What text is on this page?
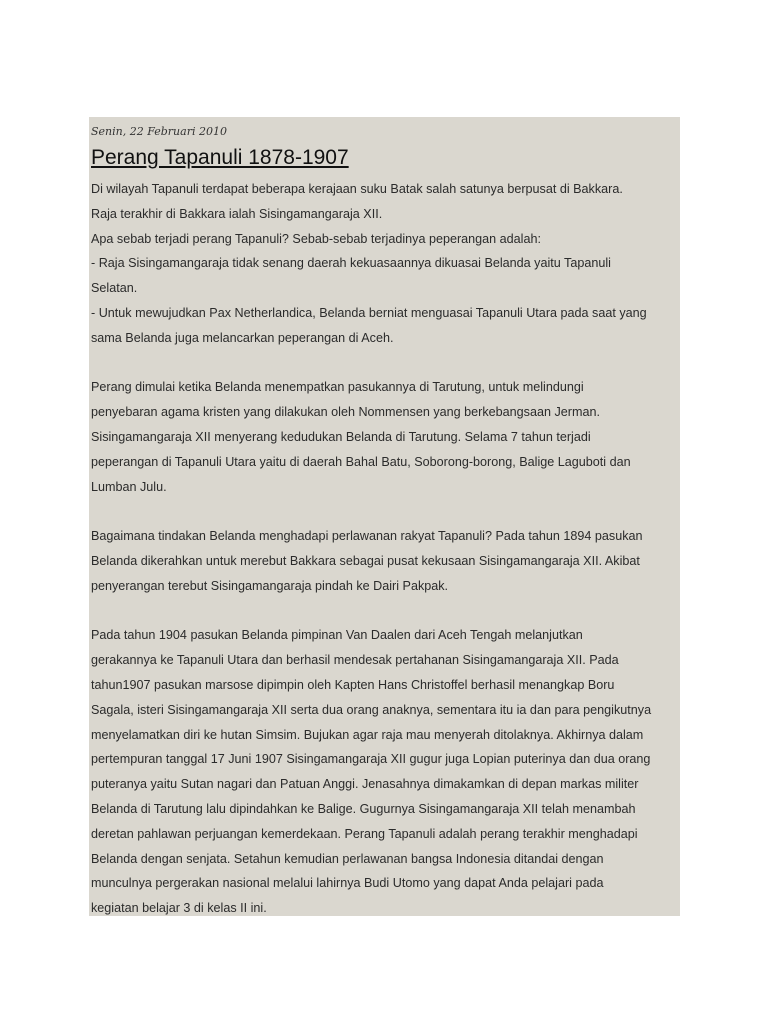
Senin, 22 Februari 2010
Perang Tapanuli 1878-1907
Di wilayah Tapanuli terdapat beberapa kerajaan suku Batak salah satunya berpusat di Bakkara.
Raja terakhir di Bakkara ialah Sisingamangaraja XII.
Apa sebab terjadi perang Tapanuli? Sebab-sebab terjadinya peperangan adalah:
- Raja Sisingamangaraja tidak senang daerah kekuasaannya dikuasai Belanda yaitu Tapanuli
Selatan.
- Untuk mewujudkan Pax Netherlandica, Belanda berniat menguasai Tapanuli Utara pada saat yang
sama Belanda juga melancarkan peperangan di Aceh.
Perang dimulai ketika Belanda menempatkan pasukannya di Tarutung, untuk melindungi
penyebaran agama kristen yang dilakukan oleh Nommensen yang berkebangsaan Jerman.
Sisingamangaraja XII menyerang kedudukan Belanda di Tarutung. Selama 7 tahun terjadi
peperangan di Tapanuli Utara yaitu di daerah Bahal Batu, Soborong-borong, Balige Laguboti dan
Lumban Julu.
Bagaimana tindakan Belanda menghadapi perlawanan rakyat Tapanuli? Pada tahun 1894 pasukan
Belanda dikerahkan untuk merebut Bakkara sebagai pusat kekusaan Sisingamangaraja XII. Akibat
penyerangan terebut Sisingamangaraja pindah ke Dairi Pakpak.
Pada tahun 1904 pasukan Belanda pimpinan Van Daalen dari Aceh Tengah melanjutkan
gerakannya ke Tapanuli Utara dan berhasil mendesak pertahanan Sisingamangaraja XII. Pada
tahun1907 pasukan marsose dipimpin oleh Kapten Hans Christoffel berhasil menangkap Boru
Sagala, isteri Sisingamangaraja XII serta dua orang anaknya, sementara itu ia dan para pengikutnya
menyelamatkan diri ke hutan Simsim. Bujukan agar raja mau menyerah ditolaknya. Akhirnya dalam
pertempuran tanggal 17 Juni 1907 Sisingamangaraja XII gugur juga Lopian puterinya dan dua orang
puteranya yaitu Sutan nagari dan Patuan Anggi. Jenasahnya dimakamkan di depan markas militer
Belanda di Tarutung lalu dipindahkan ke Balige. Gugurnya Sisingamangaraja XII telah menambah
deretan pahlawan perjuangan kemerdekaan. Perang Tapanuli adalah perang terakhir menghadapi
Belanda dengan senjata. Setahun kemudian perlawanan bangsa Indonesia ditandai dengan
munculnya pergerakan nasional melalui lahirnya Budi Utomo yang dapat Anda pelajari pada
kegiatan belajar 3 di kelas II ini.
